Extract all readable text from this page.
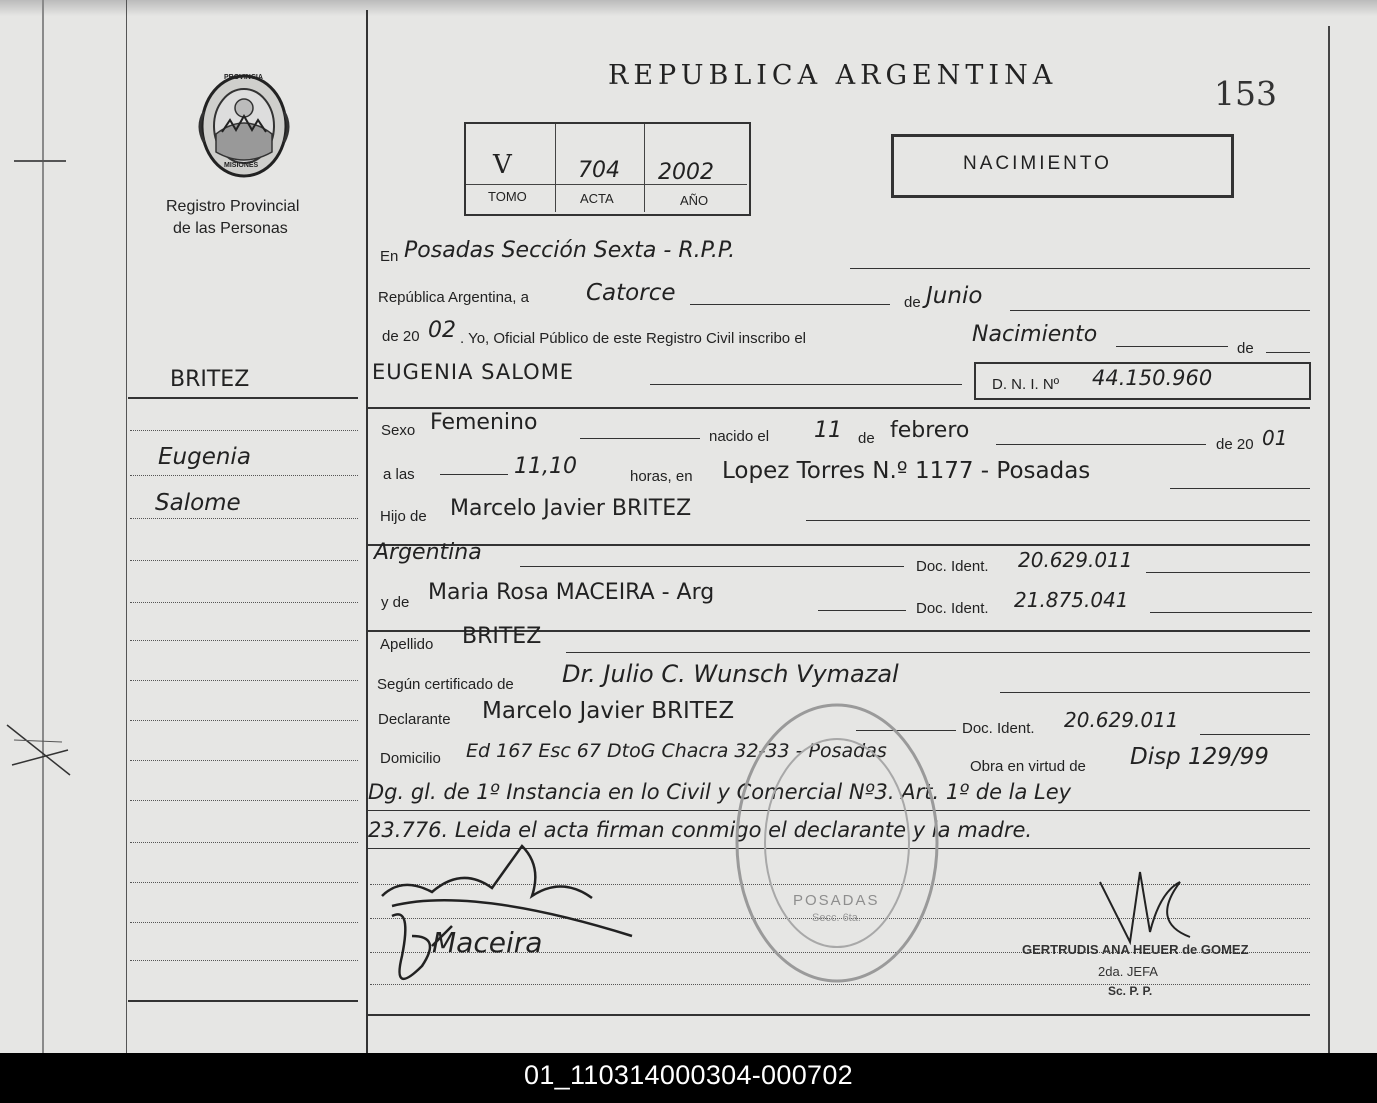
PROVINCIA
MISIONES
Registro Provincial
de las Personas
BRITEZ
Eugenia
Salome
REPUBLICA ARGENTINA	153
V	704 2002
TOMO	ACTA	AÑO
NACIMIENTO
En Posadas Sección Sexta - R.P.P.
República Argentina, a Catorce	de Junio
de 20 02 . Yo, Oficial Público de este Registro Civil inscribo el	Nacimiento
de
EUGENIA SALOME
D. N. I. Nº 44.150.960
Sexo Femenino
nacido el 11 de febrero
de 20 01
a las	11,10	horas, en Lopez Torres N.º 1177 - Posadas
Hijo de Marcelo Javier BRITEZ
Argentina
Doc. Ident. 20.629.011
y de Maria Rosa MACEIRA - Arg
Doc. Ident. 21.875.041
Apellido BRITEZ
Según certificado de Dr. Julio C. Wunsch Vymazal
Declarante Marcelo Javier BRITEZ
Doc. Ident. 20.629.011
Domicilio Ed 167 Esc 67 DtoG Chacra 32-33 - Posadas
Obra en virtud de Disp 129/99
Dg. gl. de 1º Instancia en lo Civil y Comercial Nº3. Art. 1º de la Ley
23.776. Leida el acta firman conmigo el declarante y la madre.
POSADAS
Secc. 6ta.
Maceira	GERTRUDIS ANA HEUER de GOMEZ
2da. JEFA
Sc. P. P.
01_110314000304-000702
